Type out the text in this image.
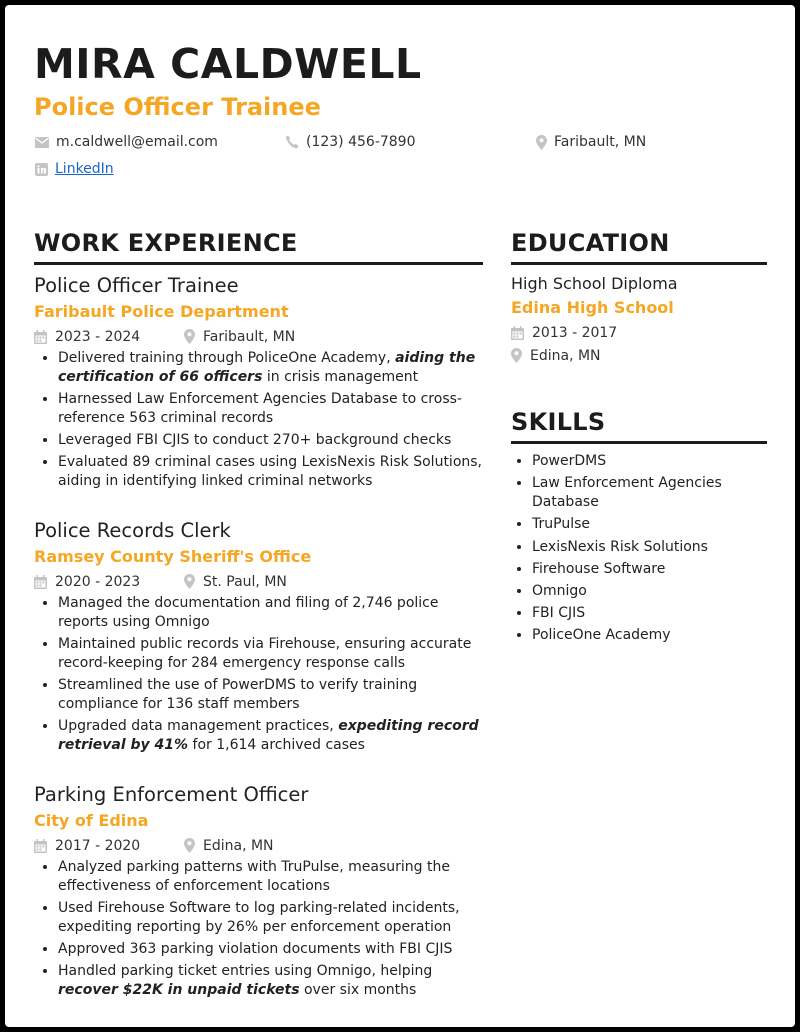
MIRA CALDWELL
Police Officer Trainee
m.caldwell@email.com	(123) 456-7890	Faribault, MN
LinkedIn
WORK EXPERIENCE

Police Officer Trainee

Faribault Police Department

2023 - 2024	Faribault, MN
• Delivered training through PoliceOne Academy, aiding the certification of 66 officers in crisis management
• Harnessed Law Enforcement Agencies Database to cross-reference 563 criminal records
• Leveraged FBI CJIS to conduct 270+ background checks
• Evaluated 89 criminal cases using LexisNexis Risk Solutions, aiding in identifying linked criminal networks

Police Records Clerk

Ramsey County Sheriff's Office

2020 - 2023	St. Paul, MN
• Managed the documentation and filing of 2,746 police reports using Omnigo
• Maintained public records via Firehouse, ensuring accurate record-keeping for 284 emergency response calls
• Streamlined the use of PowerDMS to verify training compliance for 136 staff members
• Upgraded data management practices, expediting record retrieval by 41% for 1,614 archived cases

Parking Enforcement Officer

City of Edina

2017 - 2020	Edina, MN
• Analyzed parking patterns with TruPulse, measuring the effectiveness of enforcement locations
• Used Firehouse Software to log parking-related incidents, expediting reporting by 26% per enforcement operation
• Approved 363 parking violation documents with FBI CJIS
• Handled parking ticket entries using Omnigo, helping recover $22K in unpaid tickets over six months
EDUCATION

High School Diploma

Edina High School

2013 - 2017
Edina, MN
SKILLS
• PowerDMS
• Law Enforcement Agencies Database
• TruPulse
• LexisNexis Risk Solutions
• Firehouse Software
• Omnigo
• FBI CJIS
• PoliceOne Academy
